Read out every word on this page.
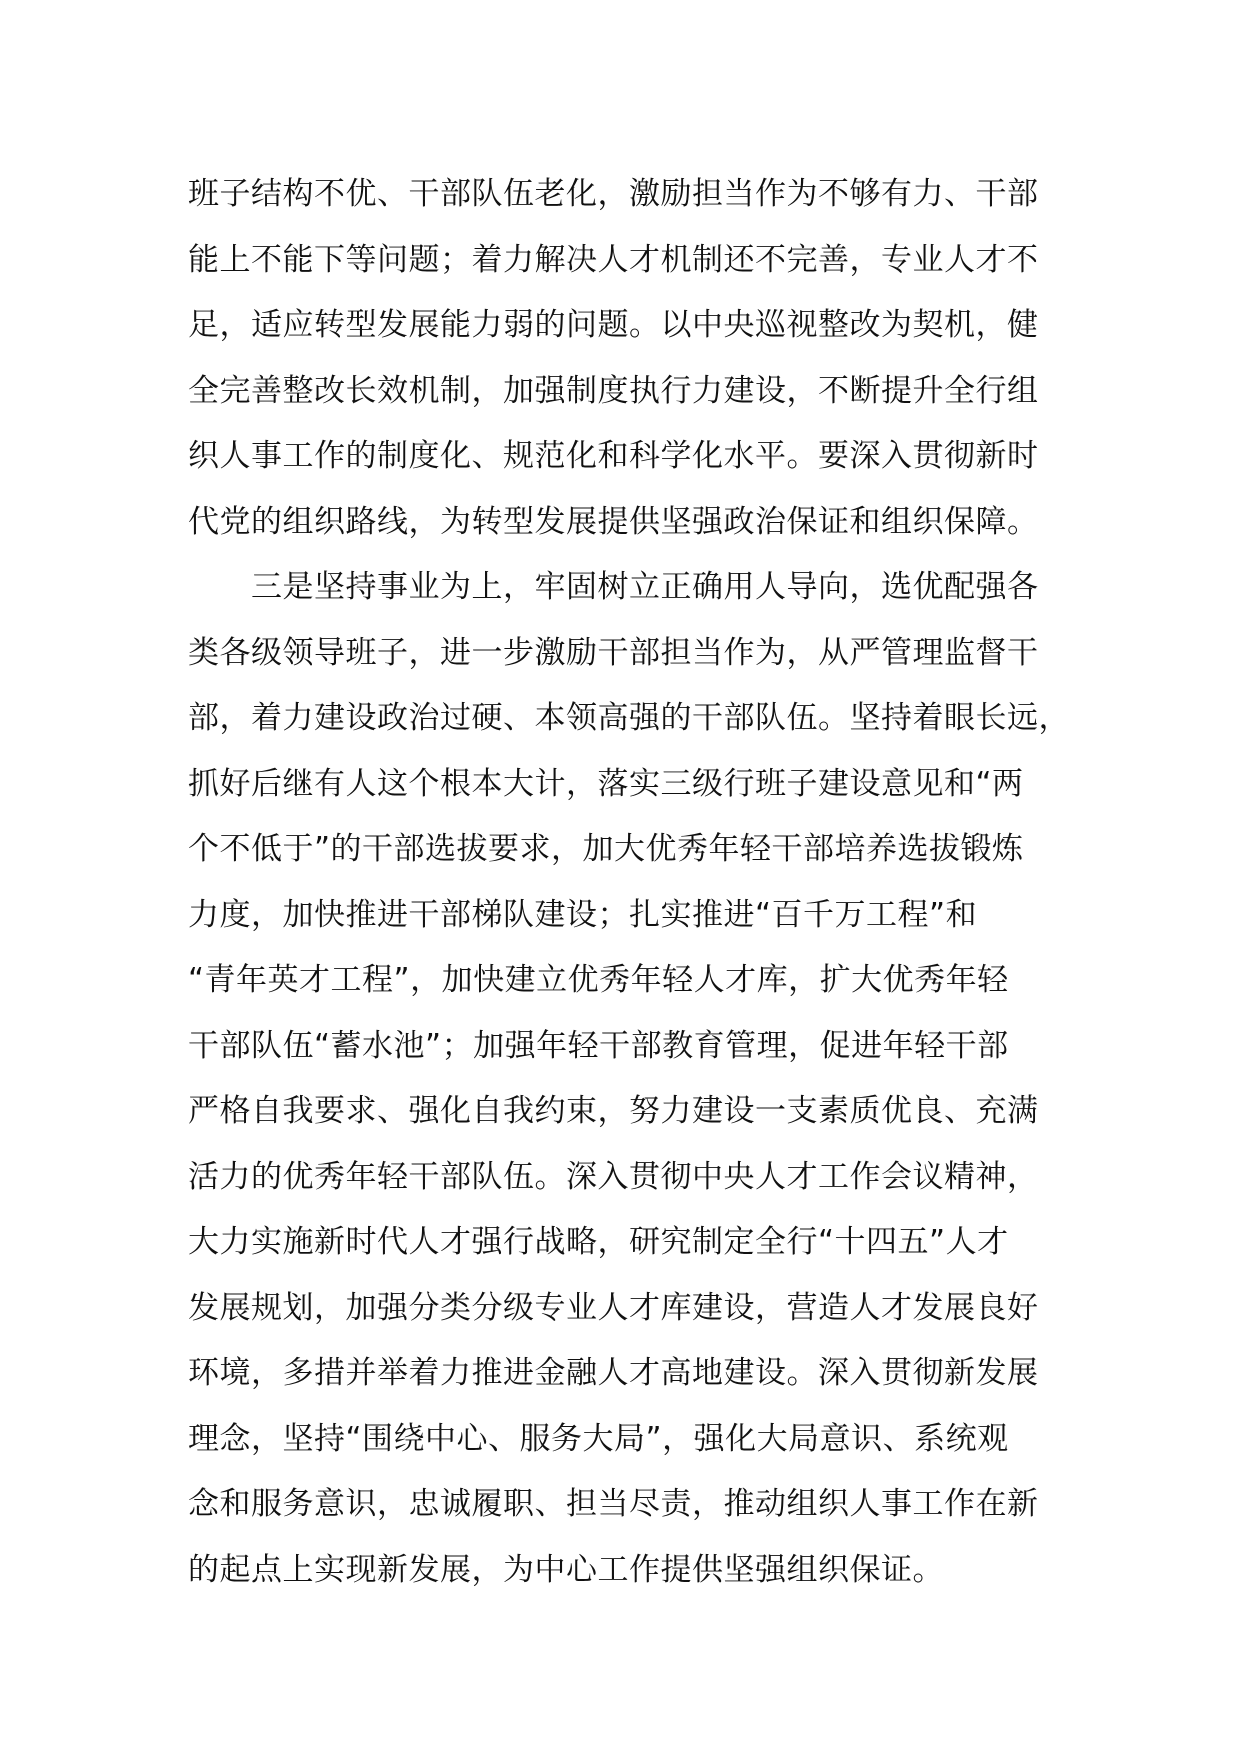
班子结构不优、干部队伍老化，激励担当作为不够有力、干部
能上不能下等问题；着力解决人才机制还不完善，专业人才不
足，适应转型发展能力弱的问题。以中央巡视整改为契机，健
全完善整改长效机制，加强制度执行力建设，不断提升全行组
织人事工作的制度化、规范化和科学化水平。要深入贯彻新时
代党的组织路线，为转型发展提供坚强政治保证和组织保障。
　　三是坚持事业为上，牢固树立正确用人导向，选优配强各
类各级领导班子，进一步激励干部担当作为，从严管理监督干
部，着力建设政治过硬、本领高强的干部队伍。坚持着眼长远，
抓好后继有人这个根本大计，落实三级行班子建设意见和“两
个不低于”的干部选拔要求，加大优秀年轻干部培养选拔锻炼
力度，加快推进干部梯队建设；扎实推进“百千万工程”和
“青年英才工程”，加快建立优秀年轻人才库，扩大优秀年轻
干部队伍“蓄水池”；加强年轻干部教育管理，促进年轻干部
严格自我要求、强化自我约束，努力建设一支素质优良、充满
活力的优秀年轻干部队伍。深入贯彻中央人才工作会议精神，
大力实施新时代人才强行战略，研究制定全行“十四五”人才
发展规划，加强分类分级专业人才库建设，营造人才发展良好
环境，多措并举着力推进金融人才高地建设。深入贯彻新发展
理念，坚持“围绕中心、服务大局”，强化大局意识、系统观
念和服务意识，忠诚履职、担当尽责，推动组织人事工作在新
的起点上实现新发展，为中心工作提供坚强组织保证。
